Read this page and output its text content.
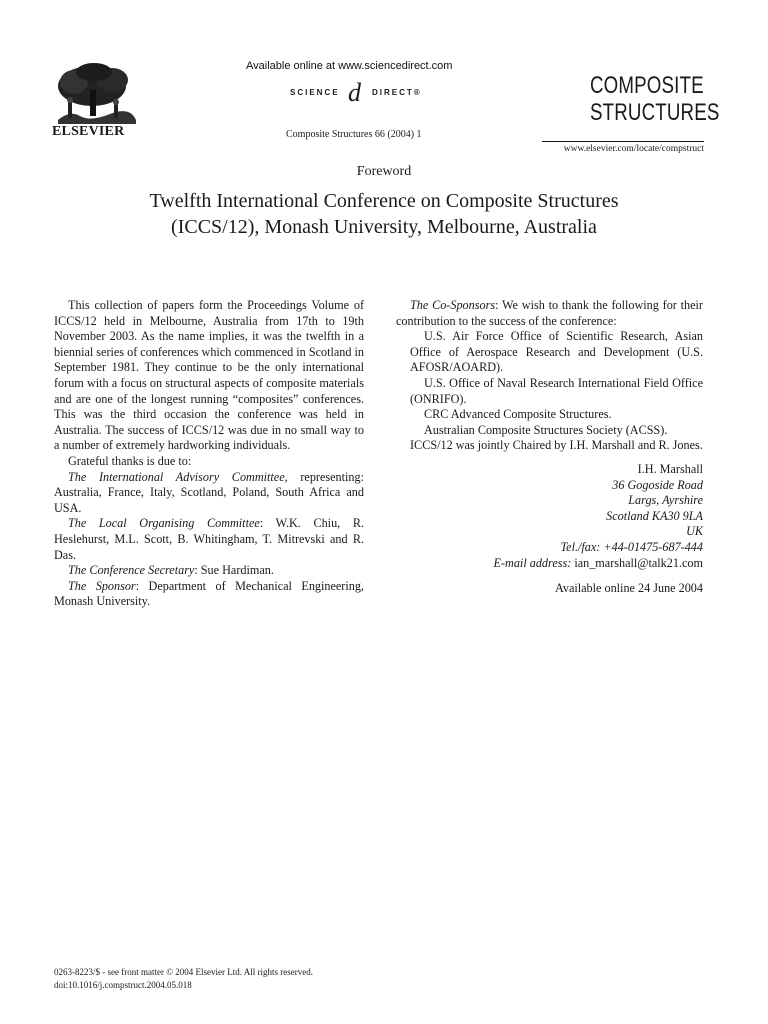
ELSEVIER
Available online at www.sciencedirect.com
SCIENCE d DIRECT®
Composite Structures 66 (2004) 1
COMPOSITE
STRUCTURES
www.elsevier.com/locate/compstruct
Foreword
Twelfth International Conference on Composite Structures
(ICCS/12), Monash University, Melbourne, Australia

This collection of papers form the Proceedings Volume of ICCS/12 held in Melbourne, Australia from 17th to 19th November 2003. As the name implies, it was the twelfth in a biennial series of conferences which commenced in Scotland in September 1981. They continue to be the only international forum with a focus on structural aspects of composite materials and are one of the longest running “composites” conferences. This was the third occasion the conference was held in Australia. The success of ICCS/12 was due in no small way to a number of extremely hardworking individuals.

Grateful thanks is due to:

The International Advisory Committee, representing: Australia, France, Italy, Scotland, Poland, South Africa and USA.

The Local Organising Committee: W.K. Chiu, R. Heslehurst, M.L. Scott, B. Whitingham, T. Mitrevski and R. Das.

The Conference Secretary: Sue Hardiman.

The Sponsor: Department of Mechanical Engineering, Monash University.

The Co-Sponsors: We wish to thank the following for their contribution to the success of the conference:

U.S. Air Force Office of Scientific Research, Asian Office of Aerospace Research and Development (U.S. AFOSR/AOARD).

U.S. Office of Naval Research International Field Office (ONRIFO).

CRC Advanced Composite Structures.

Australian Composite Structures Society (ACSS).

ICCS/12 was jointly Chaired by I.H. Marshall and R. Jones.

I.H. Marshall
36 Gogoside Road
Largs, Ayrshire
Scotland KA30 9LA
UK
Tel./fax: +44-01475-687-444
E-mail address: ian_marshall@talk21.com
Available online 24 June 2004
0263-8223/$ - see front matter © 2004 Elsevier Ltd. All rights reserved.
doi:10.1016/j.compstruct.2004.05.018
